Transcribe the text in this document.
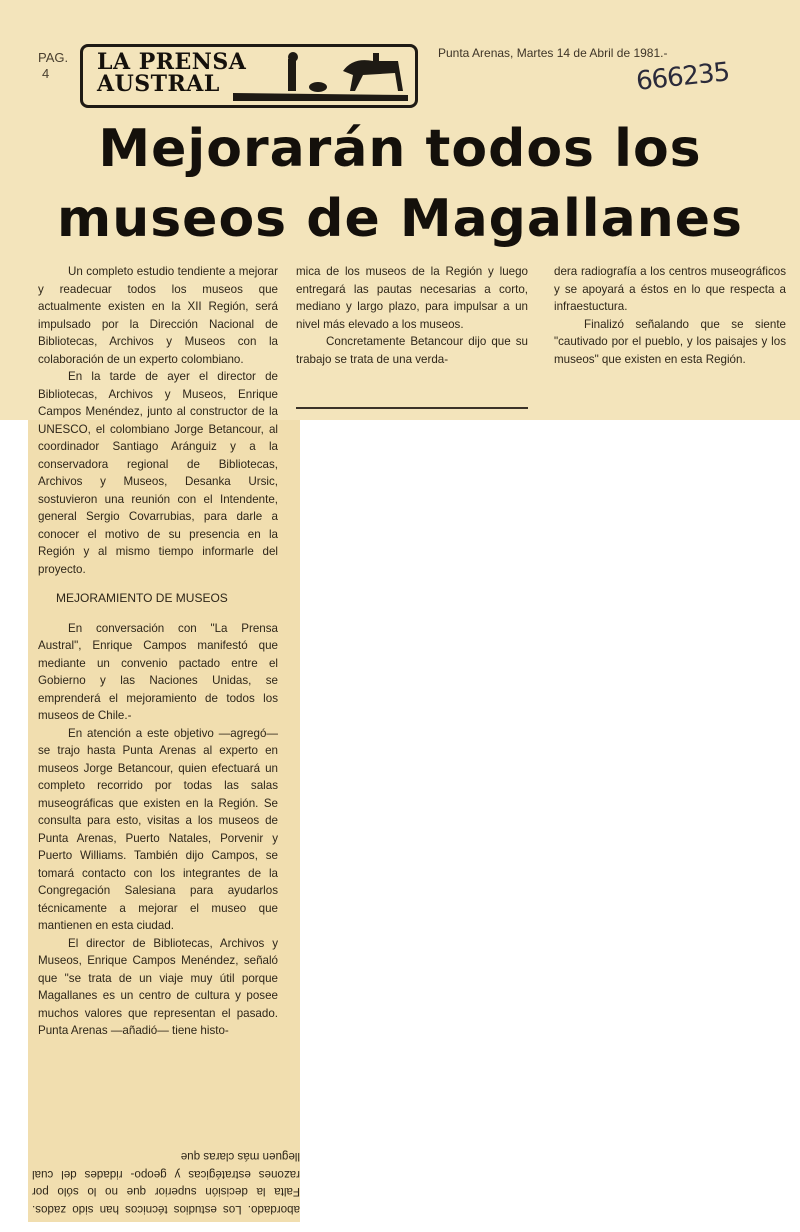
PAG.
4	LA PRENSA
AUSTRAL
Punta Arenas, Martes 14 de Abril de 1981.-
666235
Mejorarán todos los
museos de Magallanes

Un completo estudio tendiente a mejorar y readecuar todos los museos que actualmente existen en la XII Región, será impulsado por la Dirección Nacional de Bibliotecas, Archivos y Museos con la colaboración de un experto colombiano.

En la tarde de ayer el director de Bibliotecas, Archivos y Museos, Enrique Campos Menéndez, junto al constructor de la UNESCO, el colombiano Jorge Betancour, al coordinador Santiago Aránguiz y a la conservadora regional de Bibliotecas, Archivos y Museos, Desanka Ursic, sostuvieron una reunión con el Intendente, general Sergio Covarrubias, para darle a conocer el motivo de su presencia en la Región y al mismo tiempo informarle del proyecto.

MEJORAMIENTO DE MUSEOS

En conversación con "La Prensa Austral", Enrique Campos manifestó que mediante un convenio pactado entre el Gobierno y las Naciones Unidas, se emprenderá el mejoramiento de todos los museos de Chile.-

En atención a este objetivo —agregó— se trajo hasta Punta Arenas al experto en museos Jorge Betancour, quien efectuará un completo recorrido por todas las salas museográficas que existen en la Región. Se consulta para esto, visitas a los museos de Punta Arenas, Puerto Natales, Porvenir y Puerto Williams. También dijo Campos, se tomará contacto con los integrantes de la Congregación Salesiana para ayudarlos técnicamente a mejorar el museo que mantienen en esta ciudad.

El director de Bibliotecas, Archivos y Museos, Enrique Campos Menéndez, señaló que "se trata de un viaje muy útil porque Magallanes es un centro de cultura y posee muchos valores que representan el pasado. Punta Arenas —añadió— tiene histo-

mica de los museos de la Región y luego entregará las pautas necesarias a corto, mediano y largo plazo, para impulsar a un nivel más elevado a los museos.

Concretamente Betancour dijo que su trabajo se trata de una verda-

dera radiografía a los centros museográficos y se apoyará a éstos en lo que respecta a infraestuctura.

Finalizó señalando que se siente "cautivado por el pueblo, y los paisajes y los museos" que existen en esta Región.

abordado. Los estudios técnicos han sido zados. Falta la decisión superior que no lo sólo por razones estratégicas y geopo- ridades del cual lleguen más claras que
